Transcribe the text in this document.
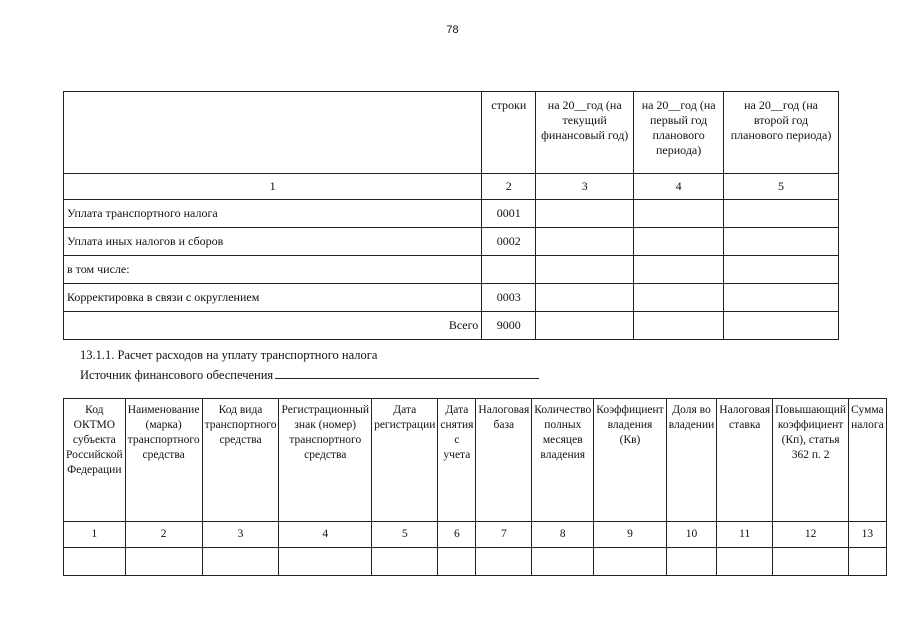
78
	строки	на 20__год (на текущий финансовый год)	на 20__год (на первый год планового периода)	на 20__год (на второй год планового периода)
1	2	3	4	5
Уплата транспортного налога	0001			
Уплата иных налогов и сборов	0002			
в том числе:				
Корректировка в связи с округлением	0003			
Всего	9000			
13.1.1. Расчет расходов на уплату транспортного налога
Источник финансового обеспечения
Код ОКТМО субъекта Российской Федерации	Наименование (марка) транспортного средства	Код вида транспортного средства	Регистрационный знак (номер) транспортного средства	Дата регистрации	Дата снятия с учета	Налоговая база	Количество полных месяцев владения	Коэффициент владения (Кв)	Доля во владении	Налоговая ставка	Повышающий коэффициент (Кп), статья 362 п. 2	Сумма налога
1	2	3	4	5	6	7	8	9	10	11	12	13
